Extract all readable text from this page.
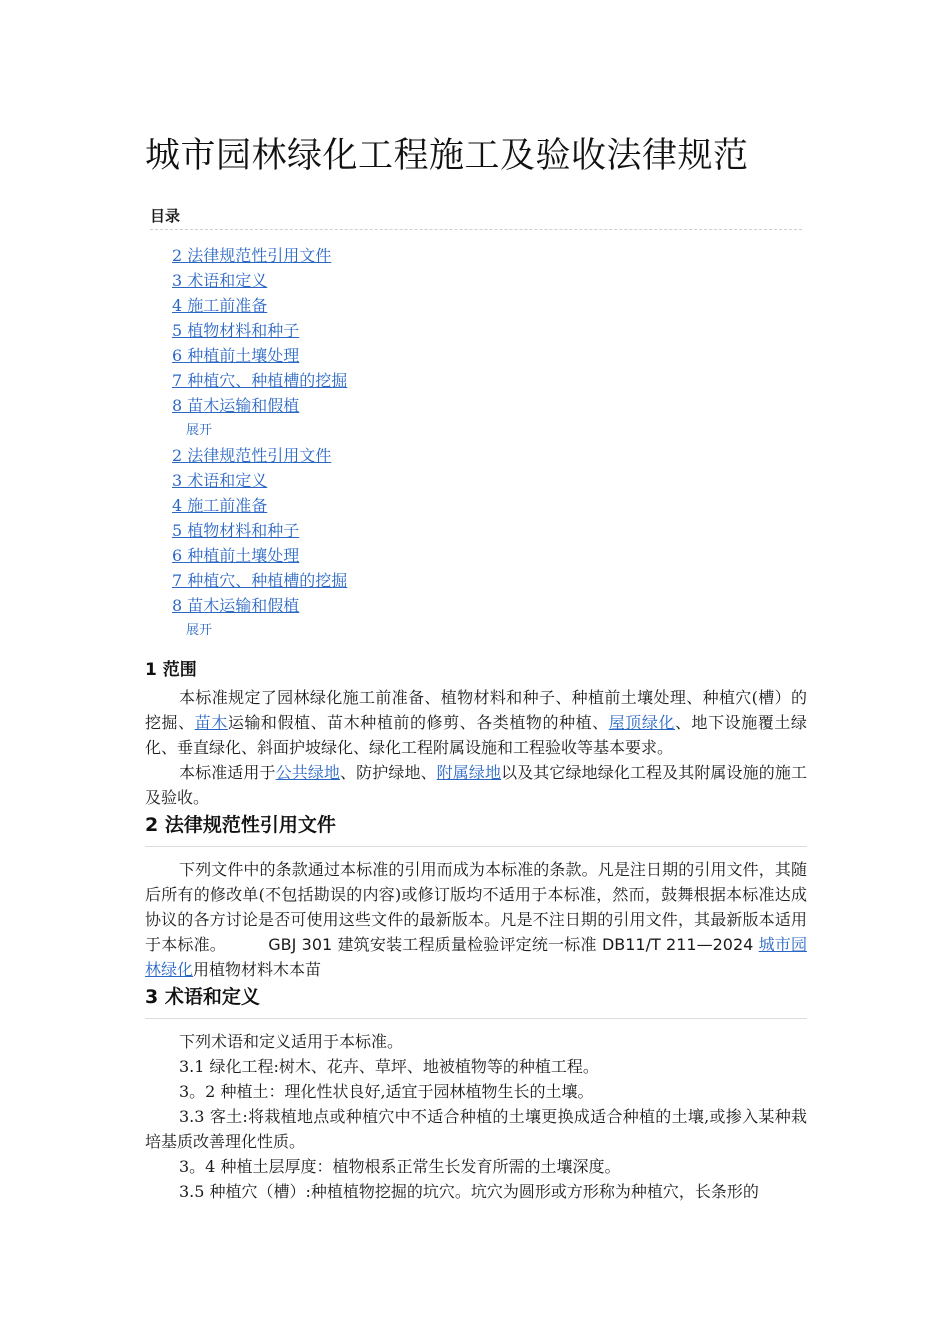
城市园林绿化工程施工及验收法律规范
目录
2 法律规范性引用文件
3 术语和定义
4 施工前准备
5 植物材料和种子
6 种植前土壤处理
7 种植穴、种植槽的挖掘
8 苗木运输和假植
展开
2 法律规范性引用文件
3 术语和定义
4 施工前准备
5 植物材料和种子
6 种植前土壤处理
7 种植穴、种植槽的挖掘
8 苗木运输和假植
展开
1 范围

本标准规定了园林绿化施工前准备、植物材料和种子、种植前土壤处理、种植穴(槽）的挖掘、苗木运输和假植、苗木种植前的修剪、各类植物的种植、屋顶绿化、地下设施覆土绿化、垂直绿化、斜面护坡绿化、绿化工程附属设施和工程验收等基本要求。

本标准适用于公共绿地、防护绿地、附属绿地以及其它绿地绿化工程及其附属设施的施工及验收。

2 法律规范性引用文件

下列文件中的条款通过本标准的引用而成为本标准的条款。凡是注日期的引用文件，其随后所有的修改单(不包括勘误的内容)或修订版均不适用于本标准，然而，鼓舞根据本标准达成协议的各方讨论是否可使用这些文件的最新版本。凡是不注日期的引用文件，其最新版本适用于本标准。	GBJ 301 建筑安装工程质量检验评定统一标准 DB11/T 211—2024 城市园林绿化用植物材料木本苗

3 术语和定义

下列术语和定义适用于本标准。

3.1 绿化工程:树木、花卉、草坪、地被植物等的种植工程。

3。2 种植土：理化性状良好,适宜于园林植物生长的土壤。

3.3 客土:将栽植地点或种植穴中不适合种植的土壤更换成适合种植的土壤,或掺入某种栽培基质改善理化性质。

3。4 种植土层厚度：植物根系正常生长发育所需的土壤深度。

3.5 种植穴（槽）:种植植物挖掘的坑穴。坑穴为圆形或方形称为种植穴，长条形的
